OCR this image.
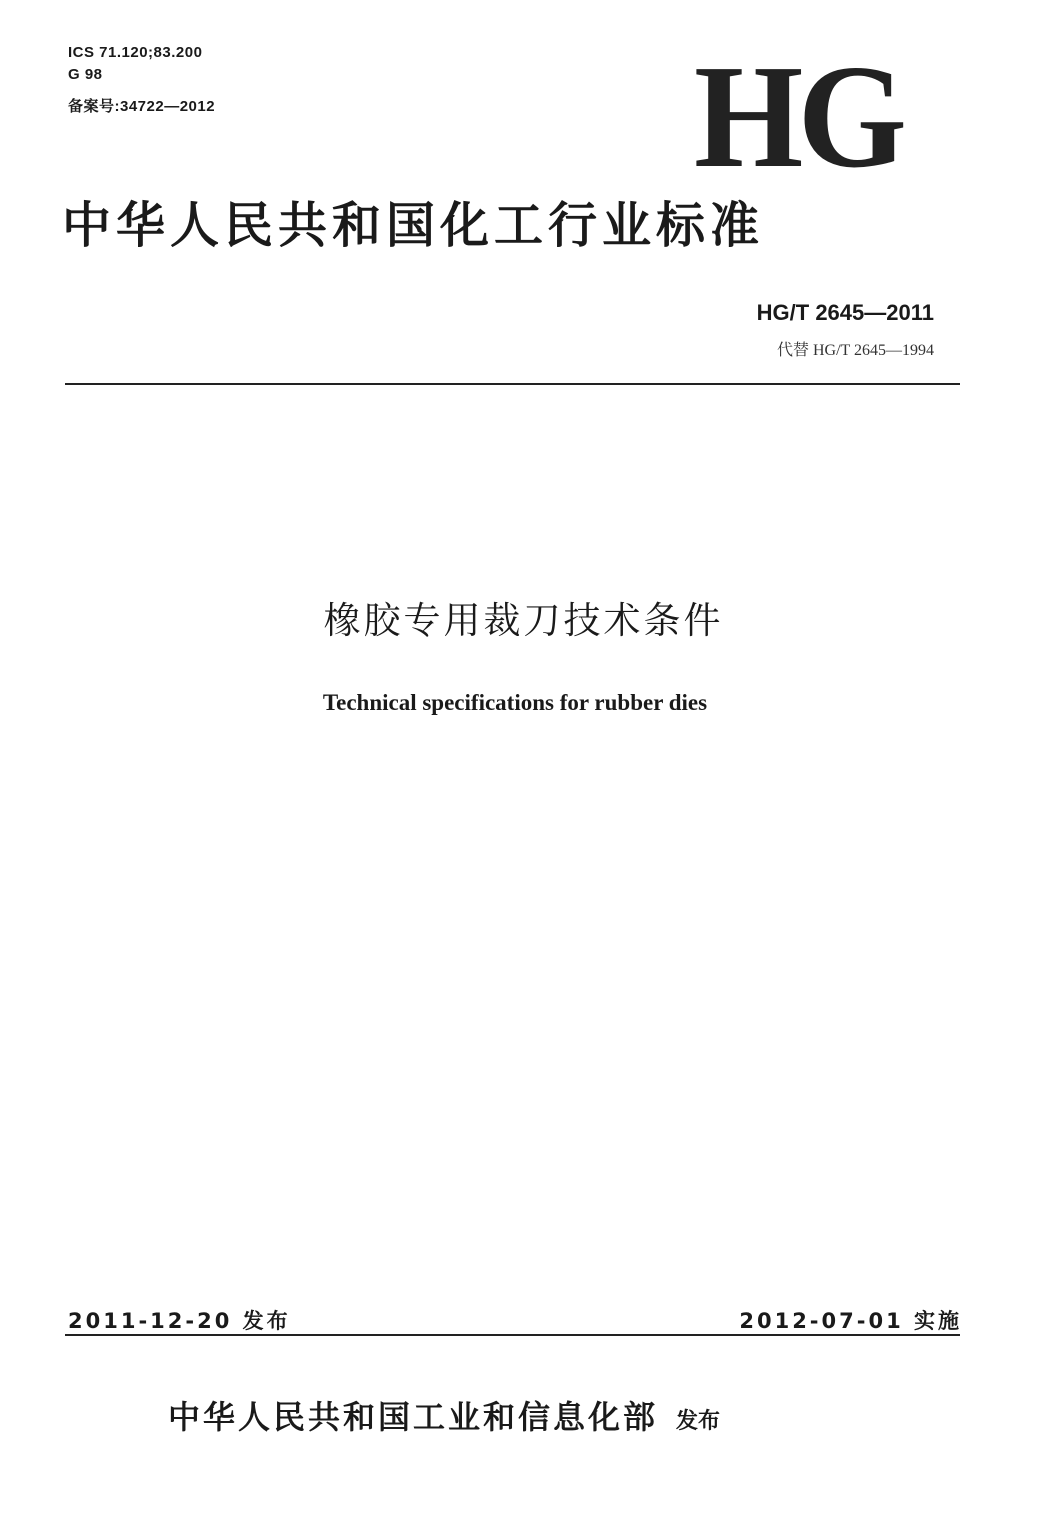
ICS 71.120;83.200
G 98
备案号:34722—2012	HG
中华人民共和国化工行业标准
HG/T 2645—2011
代替 HG/T 2645—1994
橡胶专用裁刀技术条件
Technical specifications for rubber dies
2011-12-20 发布	2012-07-01 实施
中华人民共和国工业和信息化部 发布
